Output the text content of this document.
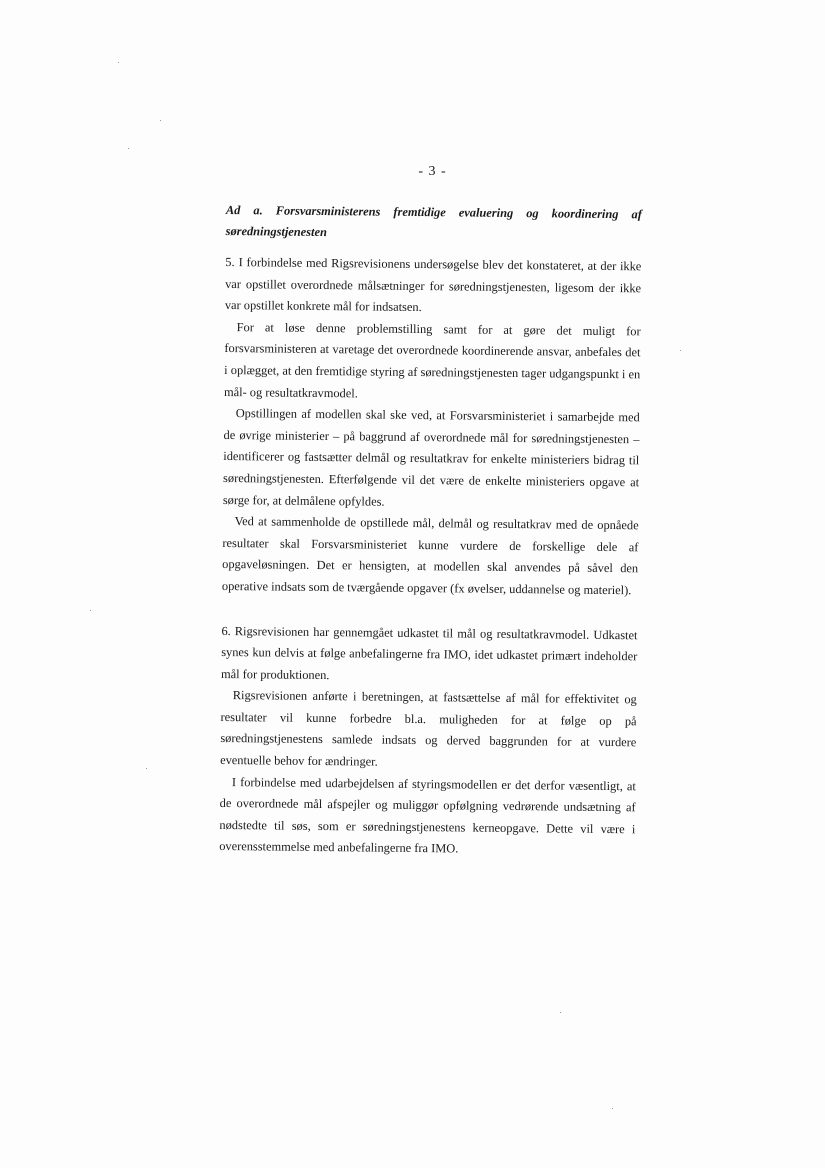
- 3 -

Ad a. Forsvarsministerens fremtidige evaluering og koordinering af søredningstjenesten

5. I forbindelse med Rigsrevisionens undersøgelse blev det konstateret, at der ikke var opstillet overordnede målsætninger for søredningstjenesten, ligesom der ikke var opstillet konkrete mål for indsatsen.

For at løse denne problemstilling samt for at gøre det muligt for forsvarsministeren at varetage det overordnede koordinerende ansvar, anbefales det i oplægget, at den fremtidige styring af søredningstjenesten tager udgangspunkt i en mål- og resultatkravmodel.

Opstillingen af modellen skal ske ved, at Forsvarsministeriet i samarbejde med de øvrige ministerier – på baggrund af overordnede mål for søredningstjenesten – identificerer og fastsætter delmål og resultatkrav for enkelte ministeriers bidrag til søredningstjenesten. Efterfølgende vil det være de enkelte ministeriers opgave at sørge for, at delmålene opfyldes.

Ved at sammenholde de opstillede mål, delmål og resultatkrav med de opnåede resultater skal Forsvarsministeriet kunne vurdere de forskellige dele af opgaveløsningen. Det er hensigten, at modellen skal anvendes på såvel den operative indsats som de tværgående opgaver (fx øvelser, uddannelse og materiel).

6. Rigsrevisionen har gennemgået udkastet til mål og resultatkravmodel. Udkastet synes kun delvis at følge anbefalingerne fra IMO, idet udkastet primært indeholder mål for produktionen.

Rigsrevisionen anførte i beretningen, at fastsættelse af mål for effektivitet og resultater vil kunne forbedre bl.a. muligheden for at følge op på søredningstjenestens samlede indsats og derved baggrunden for at vurdere eventuelle behov for ændringer.

I forbindelse med udarbejdelsen af styringsmodellen er det derfor væsentligt, at de overordnede mål afspejler og muliggør opfølgning vedrørende undsætning af nødstedte til søs, som er søredningstjenestens kerneopgave. Dette vil være i overensstemmelse med anbefalingerne fra IMO.
